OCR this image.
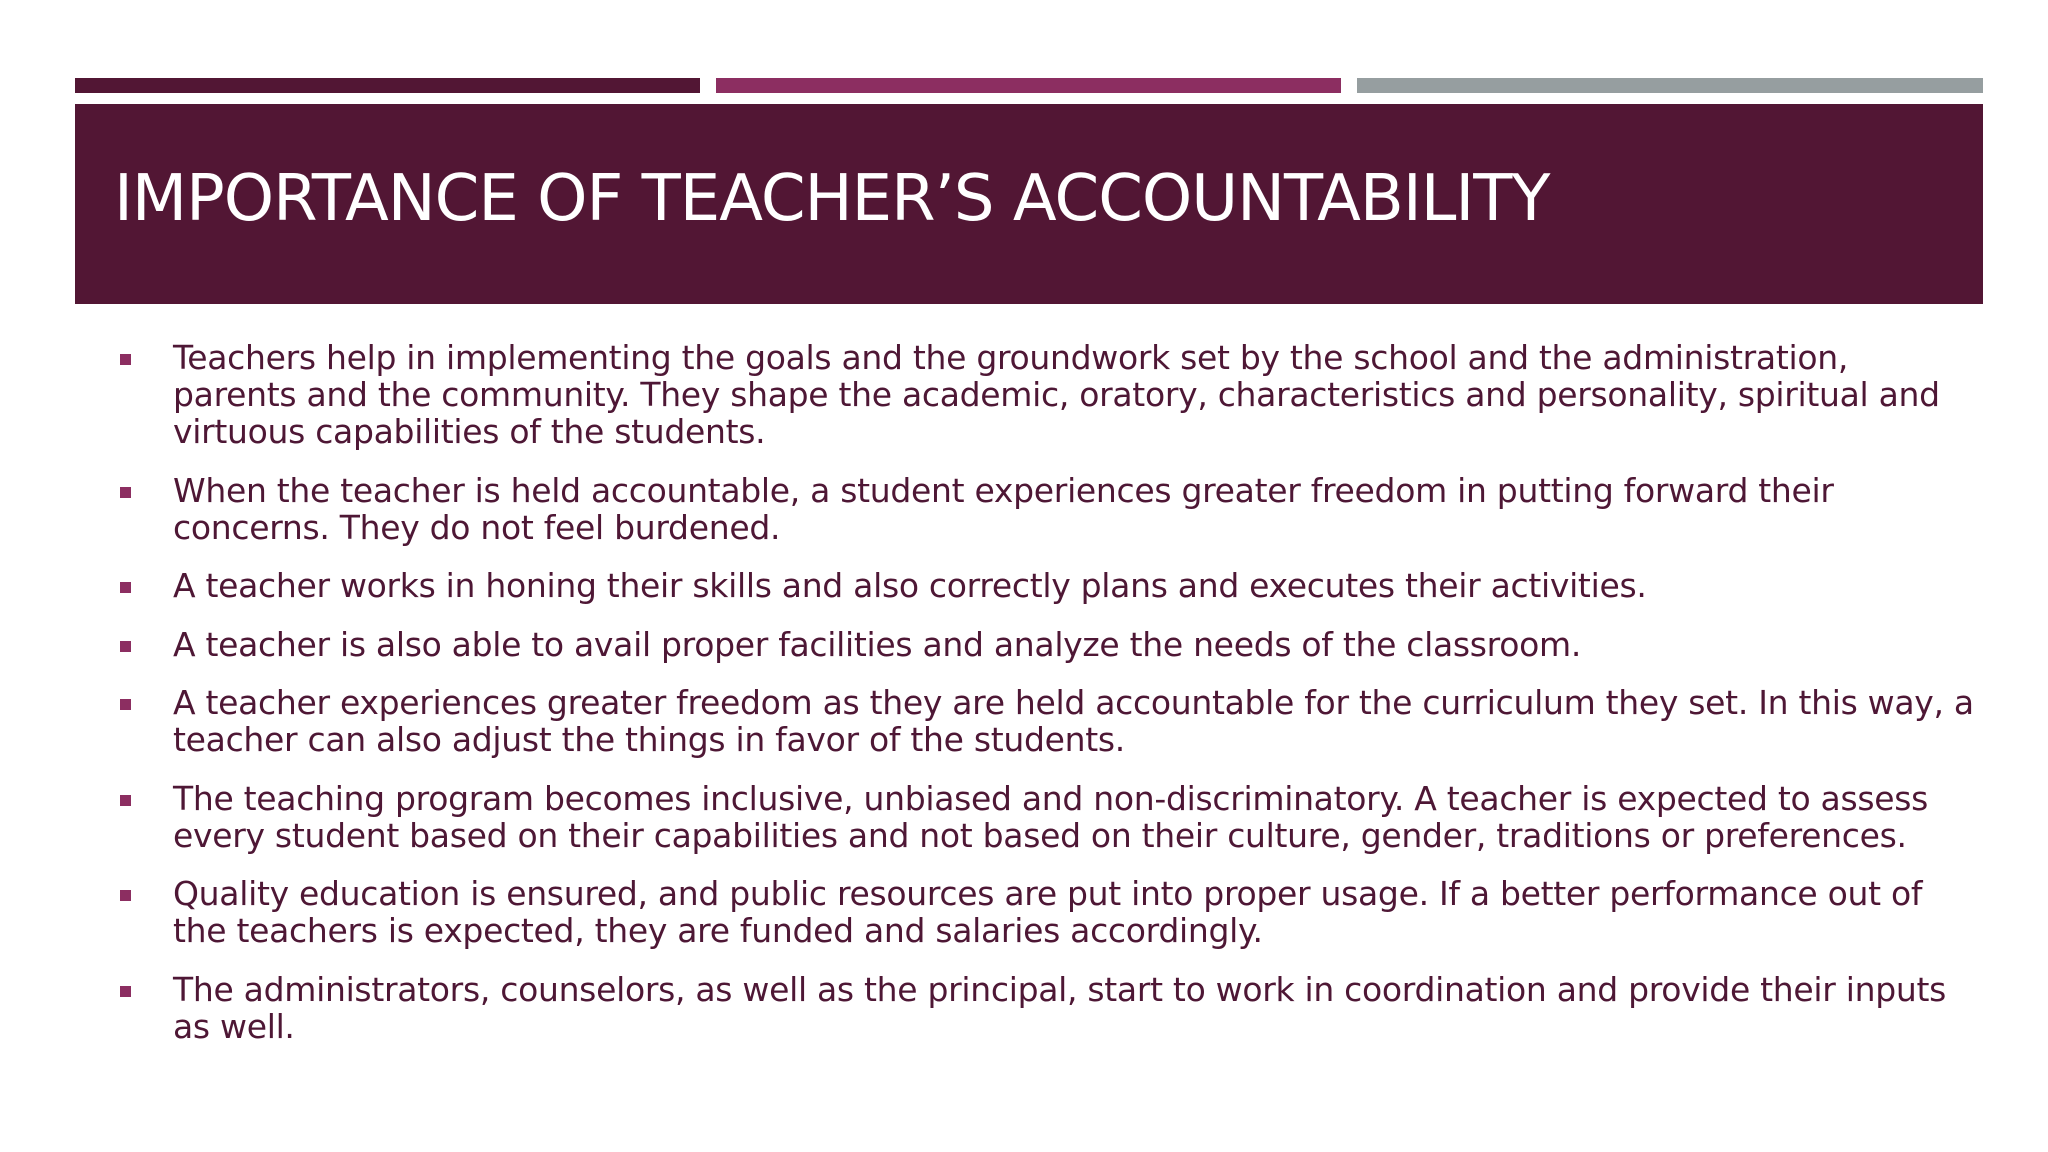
IMPORTANCE OF TEACHER’S ACCOUNTABILITY
Teachers help in implementing the goals and the groundwork set by the school and the administration, parents and the community. They shape the academic, oratory, characteristics and personality, spiritual and virtuous capabilities of the students.
When the teacher is held accountable, a student experiences greater freedom in putting forward their concerns. They do not feel burdened.
A teacher works in honing their skills and also correctly plans and executes their activities.
A teacher is also able to avail proper facilities and analyze the needs of the classroom.
A teacher experiences greater freedom as they are held accountable for the curriculum they set. In this way, a teacher can also adjust the things in favor of the students.
The teaching program becomes inclusive, unbiased and non-discriminatory. A teacher is expected to assess every student based on their capabilities and not based on their culture, gender, traditions or preferences.
Quality education is ensured, and public resources are put into proper usage. If a better performance out of the teachers is expected, they are funded and salaries accordingly.
The administrators, counselors, as well as the principal, start to work in coordination and provide their inputs as well.
